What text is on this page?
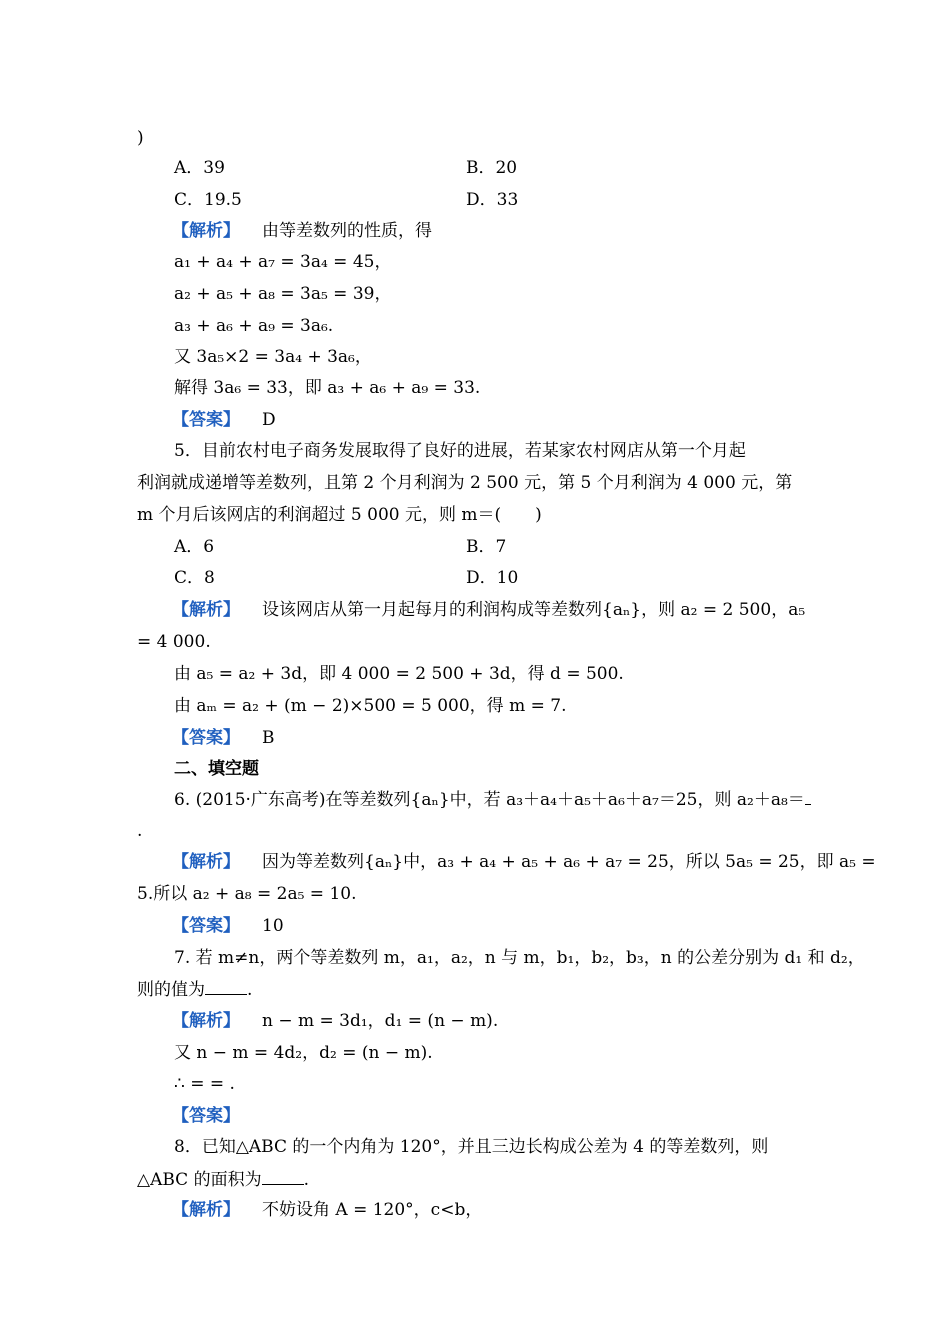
)
A．39	B．20
C．19.5	D．33
【解析】 由等差数列的性质，得
a₁ + a₄ + a₇ = 3a₄ = 45，
a₂ + a₅ + a₈ = 3a₅ = 39，
a₃ + a₆ + a₉ = 3a₆.
又 3a₅×2 = 3a₄ + 3a₆，
解得 3a₆ = 33，即 a₃ + a₆ + a₉ = 33.
【答案】 D
5．目前农村电子商务发展取得了良好的进展，若某家农村网店从第一个月起
利润就成递增等差数列，且第 2 个月利润为 2 500 元，第 5 个月利润为 4 000 元，第
m 个月后该网店的利润超过 5 000 元，则 m＝(　　)
A．6	B．7
C．8	D．10
【解析】 设该网店从第一月起每月的利润构成等差数列{aₙ}，则 a₂ = 2 500，a₅
= 4 000.
由 a₅ = a₂ + 3d，即 4 000 = 2 500 + 3d，得 d = 500.
由 aₘ = a₂ + (m − 2)×500 = 5 000，得 m = 7.
【答案】 B
二、填空题
6. (2015·广东高考)在等差数列{aₙ}中，若 a₃＋a₄＋a₅＋a₆＋a₇＝25，则 a₂＋a₈＝
.
【解析】 因为等差数列{aₙ}中，a₃ + a₄ + a₅ + a₆ + a₇ = 25，所以 5a₅ = 25，即 a₅ =
5.所以 a₂ + a₈ = 2a₅ = 10.
【答案】 10
7. 若 m≠n，两个等差数列 m，a₁，a₂，n 与 m，b₁，b₂，b₃，n 的公差分别为 d₁ 和 d₂，
则的值为 .
【解析】 n − m = 3d₁，d₁ = (n − m).
又 n − m = 4d₂，d₂ = (n − m).
∴ = = .
【答案】
8．已知△ABC 的一个内角为 120°，并且三边长构成公差为 4 的等差数列，则
△ABC 的面积为 .
【解析】 不妨设角 A = 120°，c<b，
